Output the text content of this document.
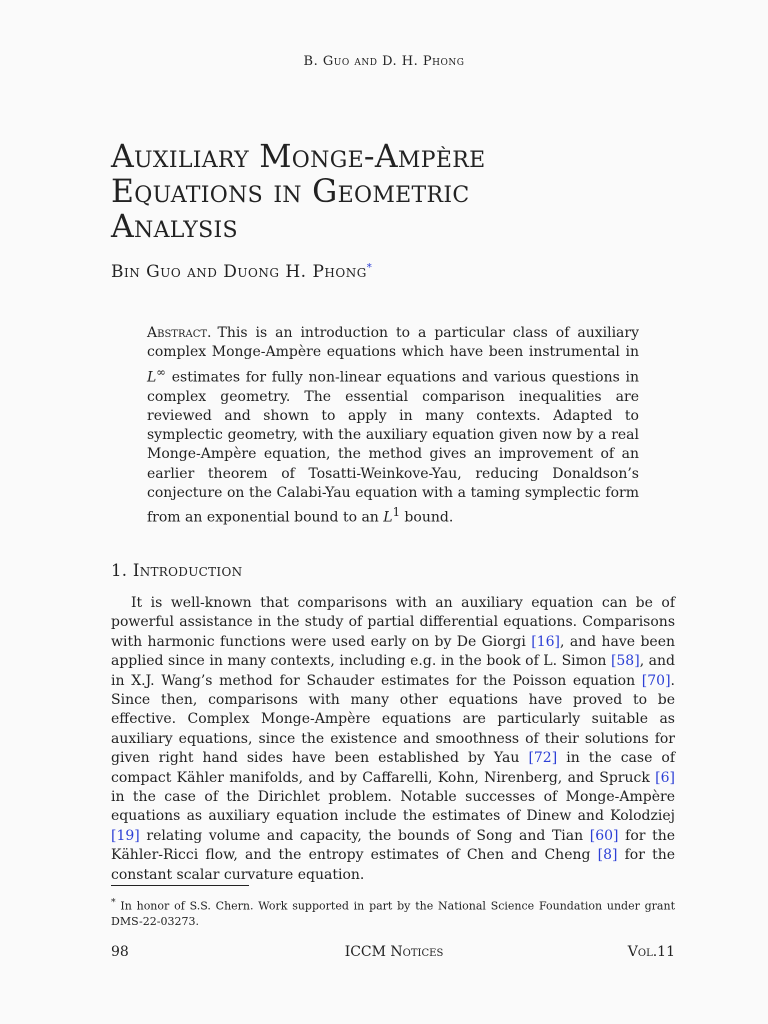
B. Guo and D. H. Phong
Auxiliary Monge-Ampère
Equations in Geometric
Analysis
Bin Guo and Duong H. Phong*
Abstract. This is an introduction to a particular class of auxiliary complex Monge-Ampère equations which have been instrumental in L∞ estimates for fully non-linear equations and various questions in complex geometry. The essential comparison inequalities are reviewed and shown to apply in many contexts. Adapted to symplectic geometry, with the auxiliary equation given now by a real Monge-Ampère equation, the method gives an improvement of an earlier theorem of Tosatti-Weinkove-Yau, reducing Donaldson’s conjecture on the Calabi-Yau equation with a taming symplectic form from an exponential bound to an $L^1$ bound.
1. Introduction

It is well-known that comparisons with an auxiliary equation can be of powerful assistance in the study of partial differential equations. Comparisons with harmonic functions were used early on by De Giorgi [16], and have been applied since in many contexts, including e.g. in the book of L. Simon [58], and in X.J. Wang’s method for Schauder estimates for the Poisson equation [70]. Since then, comparisons with many other equations have proved to be effective. Complex Monge-Ampère equations are particularly suitable as auxiliary equations, since the existence and smoothness of their solutions for given right hand sides have been established by Yau [72] in the case of compact Kähler manifolds, and by Caffarelli, Kohn, Nirenberg, and Spruck [6] in the case of the Dirichlet problem. Notable successes of Monge-Ampère equations as auxiliary equation include the estimates of Dinew and Kolodziej [19] relating volume and capacity, the bounds of Song and Tian [60] for the Kähler-Ricci flow, and the entropy estimates of Chen and Cheng [8] for the constant scalar curvature equation.

* In honor of S.S. Chern. Work supported in part by the National Science Foundation under grant DMS-22-03273.
98	ICCM Notices	Vol.11
